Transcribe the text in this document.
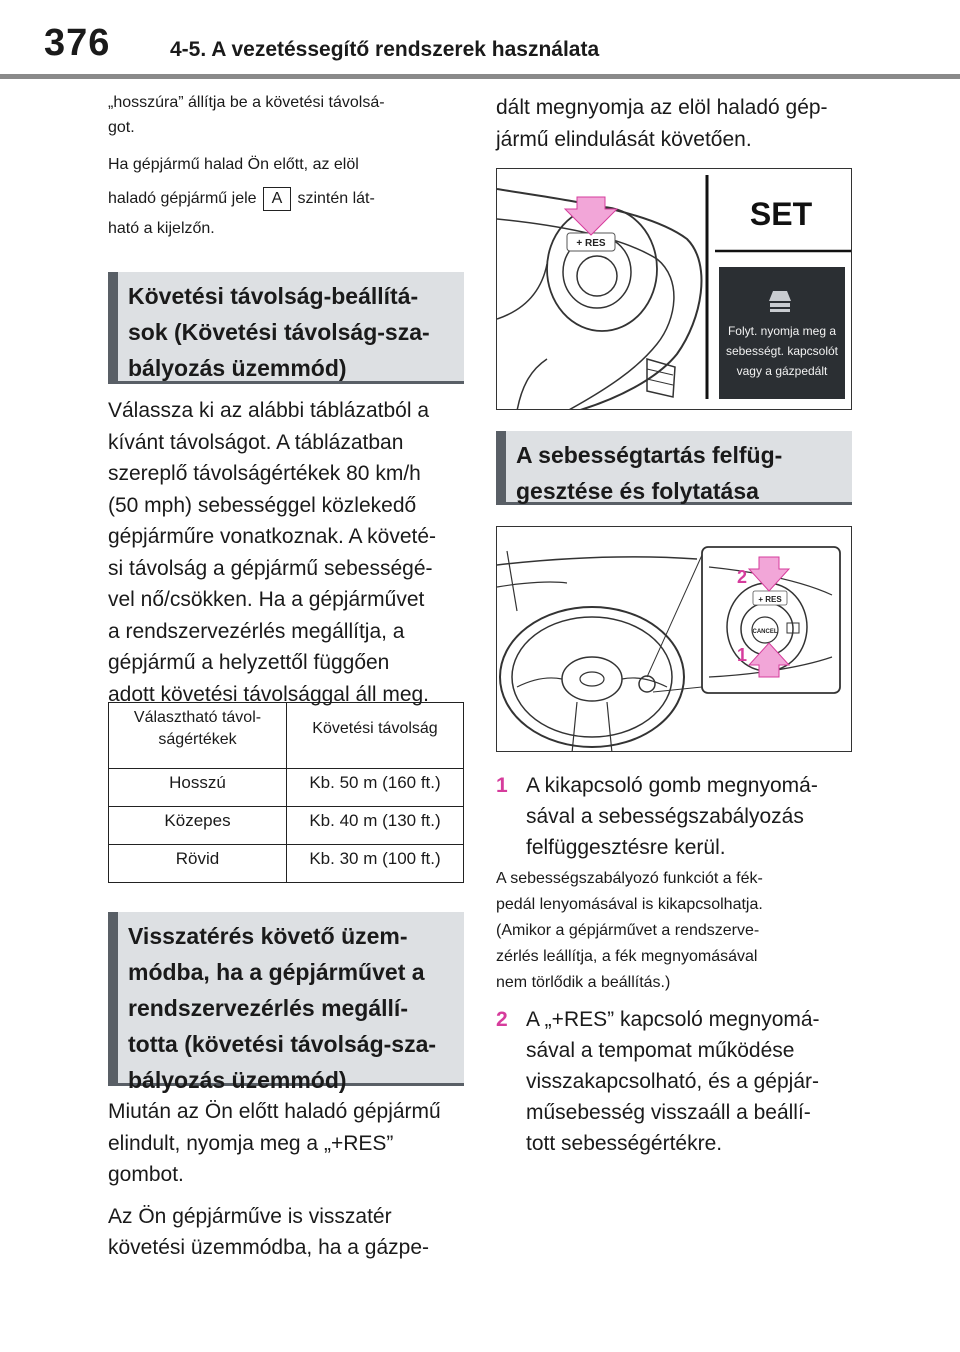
376	4-5. A vezetéssegítő rendszerek használata
„hosszúra” állítja be a követési távolsá-
got.
Ha gépjármű halad Ön előtt, az elöl
haladó gépjármű jele A szintén lát-
ható a kijelzőn.
Követési távolság-beállítá-
sok (Követési távolság-sza-
bályozás üzemmód)
Válassza ki az alábbi táblázatból a
kívánt távolságot. A táblázatban
szereplő távolságértékek 80 km/h
(50 mph) sebességgel közlekedő
gépjárműre vonatkoznak. A követé-
si távolság a gépjármű sebességé-
vel nő/csökken. Ha a gépjárművet
a rendszervezérlés megállítja, a
gépjármű a helyzettől függően
adott követési távolsággal áll meg.
Választható távol-
ságértékek	Követési távolság
Hosszú	Kb. 50 m (160 ft.)
Közepes	Kb. 40 m (130 ft.)
Rövid	Kb. 30 m (100 ft.)
Visszatérés követő üzem-
módba, ha a gépjárművet a
rendszervezérlés megállí-
totta (követési távolság-sza-
bályozás üzemmód)
Miután az Ön előtt haladó gépjármű
elindult, nyomja meg a „+RES”
gombot.
Az Ön gépjárműve is visszatér
követési üzemmódba, ha a gázpe-
dált megnyomja az elöl haladó gép-
jármű elindulását követően.
+ RES
SET
Folyt. nyomja meg a
sebességt. kapcsolót
vagy a gázpedált
A sebességtartás felfüg-
gesztése és folytatása
+ RES
CANCEL
2
1
1 A kikapcsoló gomb megnyomá-
sával a sebességszabályozás
felfüggesztésre kerül.
A sebességszabályozó funkciót a fék-
pedál lenyomásával is kikapcsolhatja.
(Amikor a gépjárművet a rendszerve-
zérlés leállítja, a fék megnyomásával
nem törlődik a beállítás.)
2 A „+RES” kapcsoló megnyomá-
sával a tempomat működése
visszakapcsolható, és a gépjár-
műsebesség visszaáll a beállí-
tott sebességértékre.
